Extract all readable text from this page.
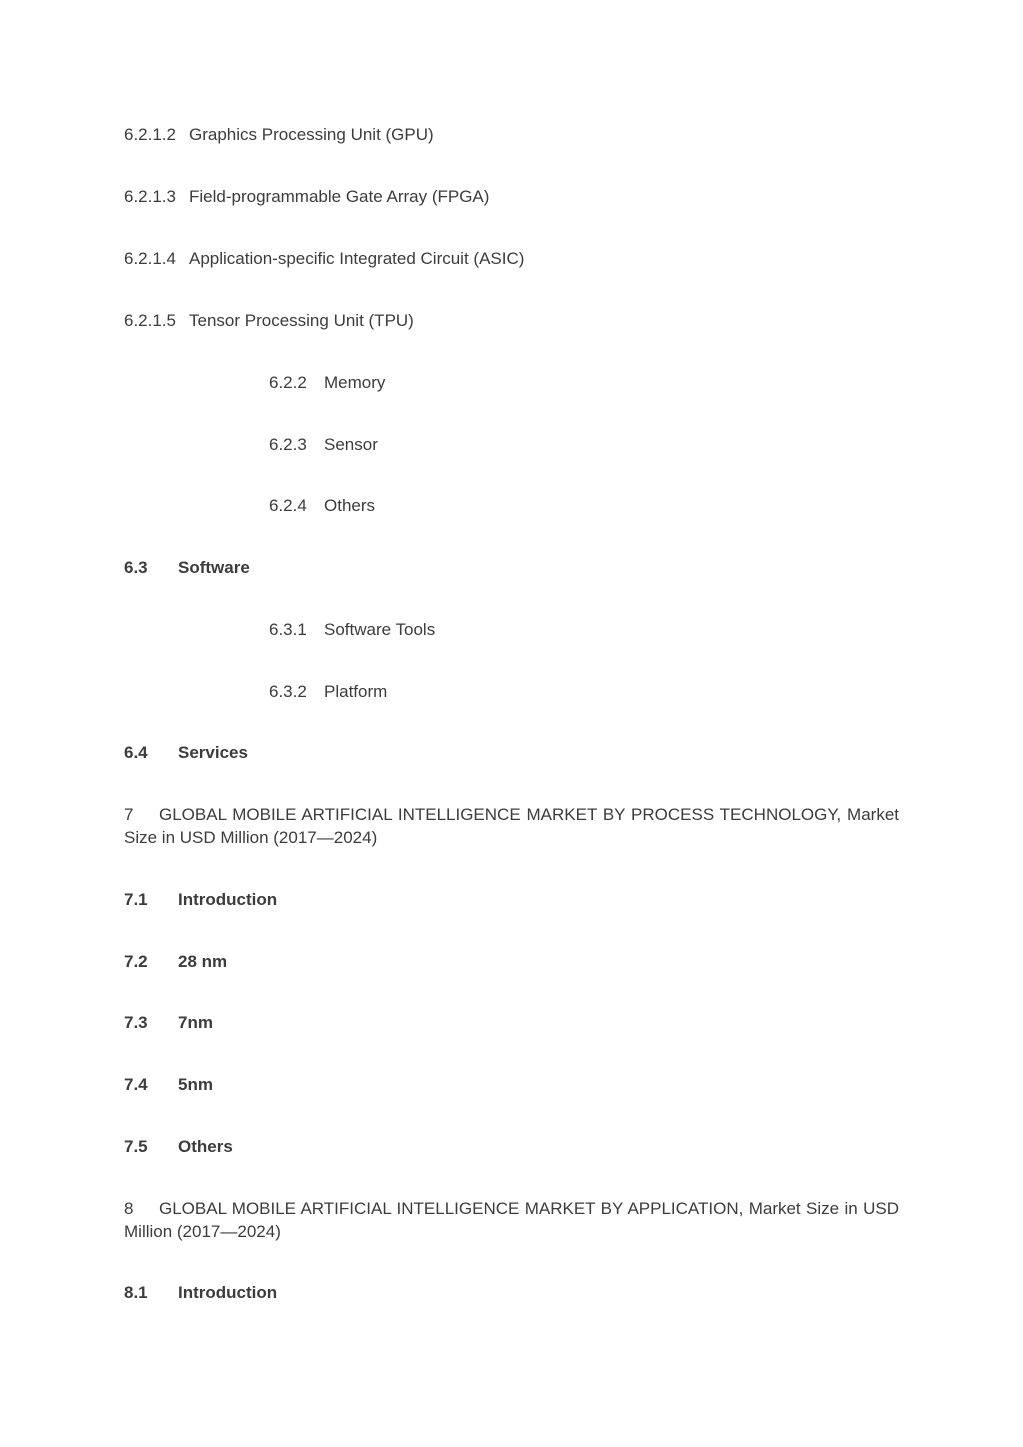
6.2.1.2 Graphics Processing Unit (GPU)
6.2.1.3 Field-programmable Gate Array (FPGA)
6.2.1.4 Application-specific Integrated Circuit (ASIC)
6.2.1.5 Tensor Processing Unit (TPU)
6.2.2 Memory
6.2.3 Sensor
6.2.4 Others
6.3 Software
6.3.1 Software Tools
6.3.2 Platform
6.4 Services
7 GLOBAL MOBILE ARTIFICIAL INTELLIGENCE MARKET BY PROCESS TECHNOLOGY, Market Size in USD Million (2017—2024)
7.1 Introduction
7.2 28 nm
7.3 7nm
7.4 5nm
7.5 Others
8 GLOBAL MOBILE ARTIFICIAL INTELLIGENCE MARKET BY APPLICATION, Market Size in USD Million (2017—2024)
8.1 Introduction
